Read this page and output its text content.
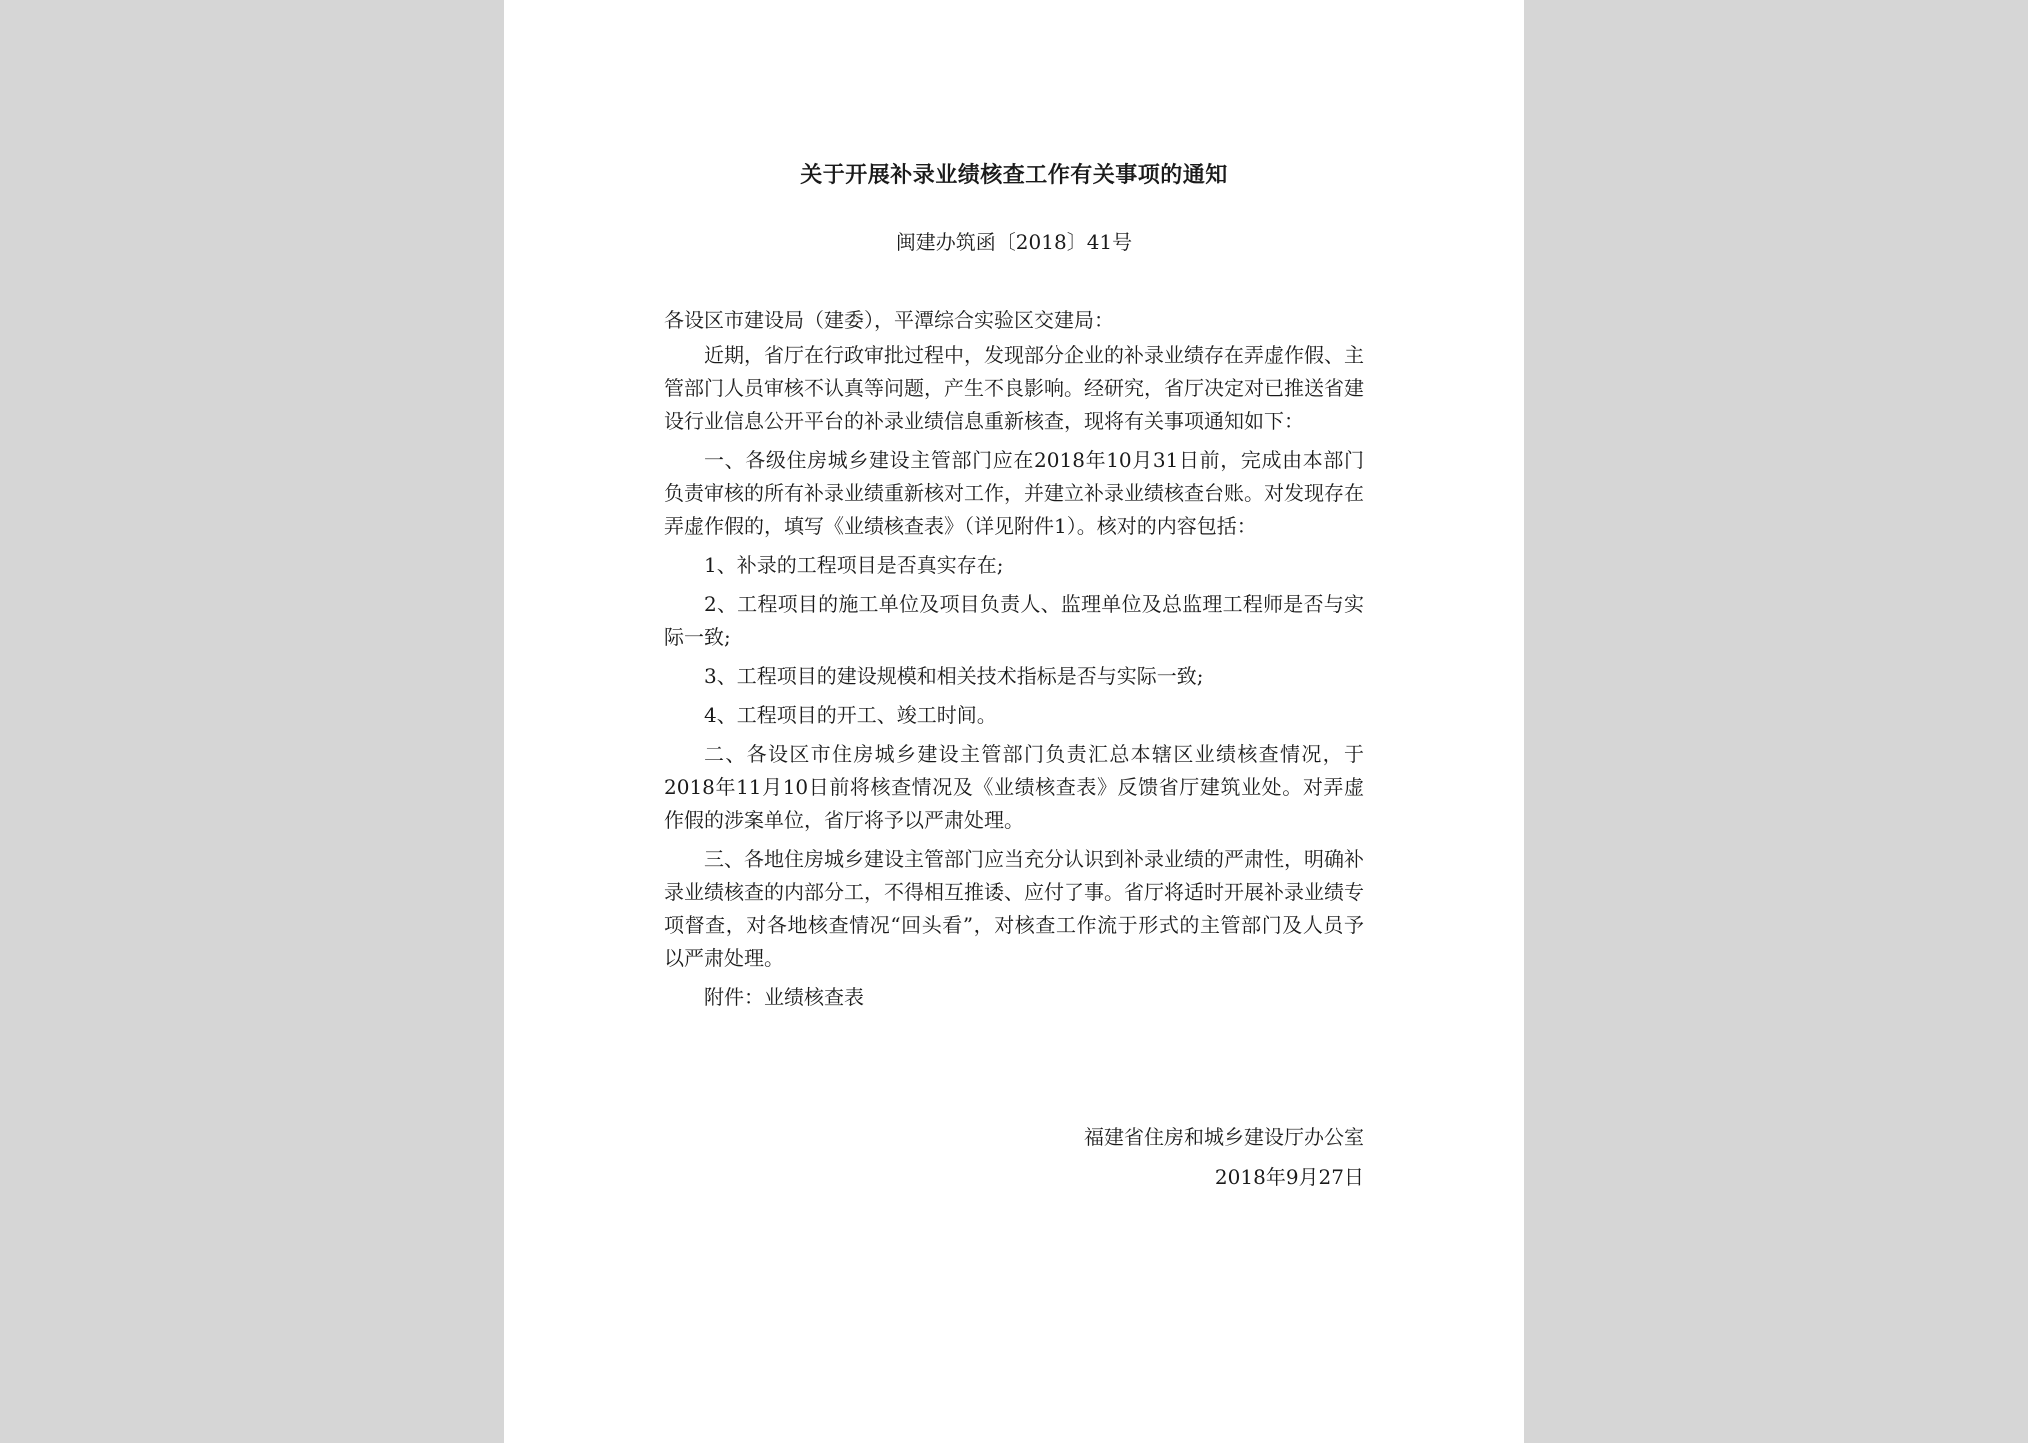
关于开展补录业绩核查工作有关事项的通知
闽建办筑函〔2018〕41号

各设区市建设局（建委），平潭综合实验区交建局：

近期，省厅在行政审批过程中，发现部分企业的补录业绩存在弄虚作假、主管部门人员审核不认真等问题，产生不良影响。经研究，省厅决定对已推送省建设行业信息公开平台的补录业绩信息重新核查，现将有关事项通知如下：

一、各级住房城乡建设主管部门应在2018年10月31日前，完成由本部门负责审核的所有补录业绩重新核对工作，并建立补录业绩核查台账。对发现存在弄虚作假的，填写《业绩核查表》（详见附件1）。核对的内容包括：

1、补录的工程项目是否真实存在;

2、工程项目的施工单位及项目负责人、监理单位及总监理工程师是否与实际一致;

3、工程项目的建设规模和相关技术指标是否与实际一致;

4、工程项目的开工、竣工时间。

二、各设区市住房城乡建设主管部门负责汇总本辖区业绩核查情况，于2018年11月10日前将核查情况及《业绩核查表》反馈省厅建筑业处。对弄虚作假的涉案单位，省厅将予以严肃处理。

三、各地住房城乡建设主管部门应当充分认识到补录业绩的严肃性，明确补录业绩核查的内部分工，不得相互推诿、应付了事。省厅将适时开展补录业绩专项督查，对各地核查情况“回头看”，对核查工作流于形式的主管部门及人员予以严肃处理。

附件：业绩核查表

福建省住房和城乡建设厅办公室
2018年9月27日
